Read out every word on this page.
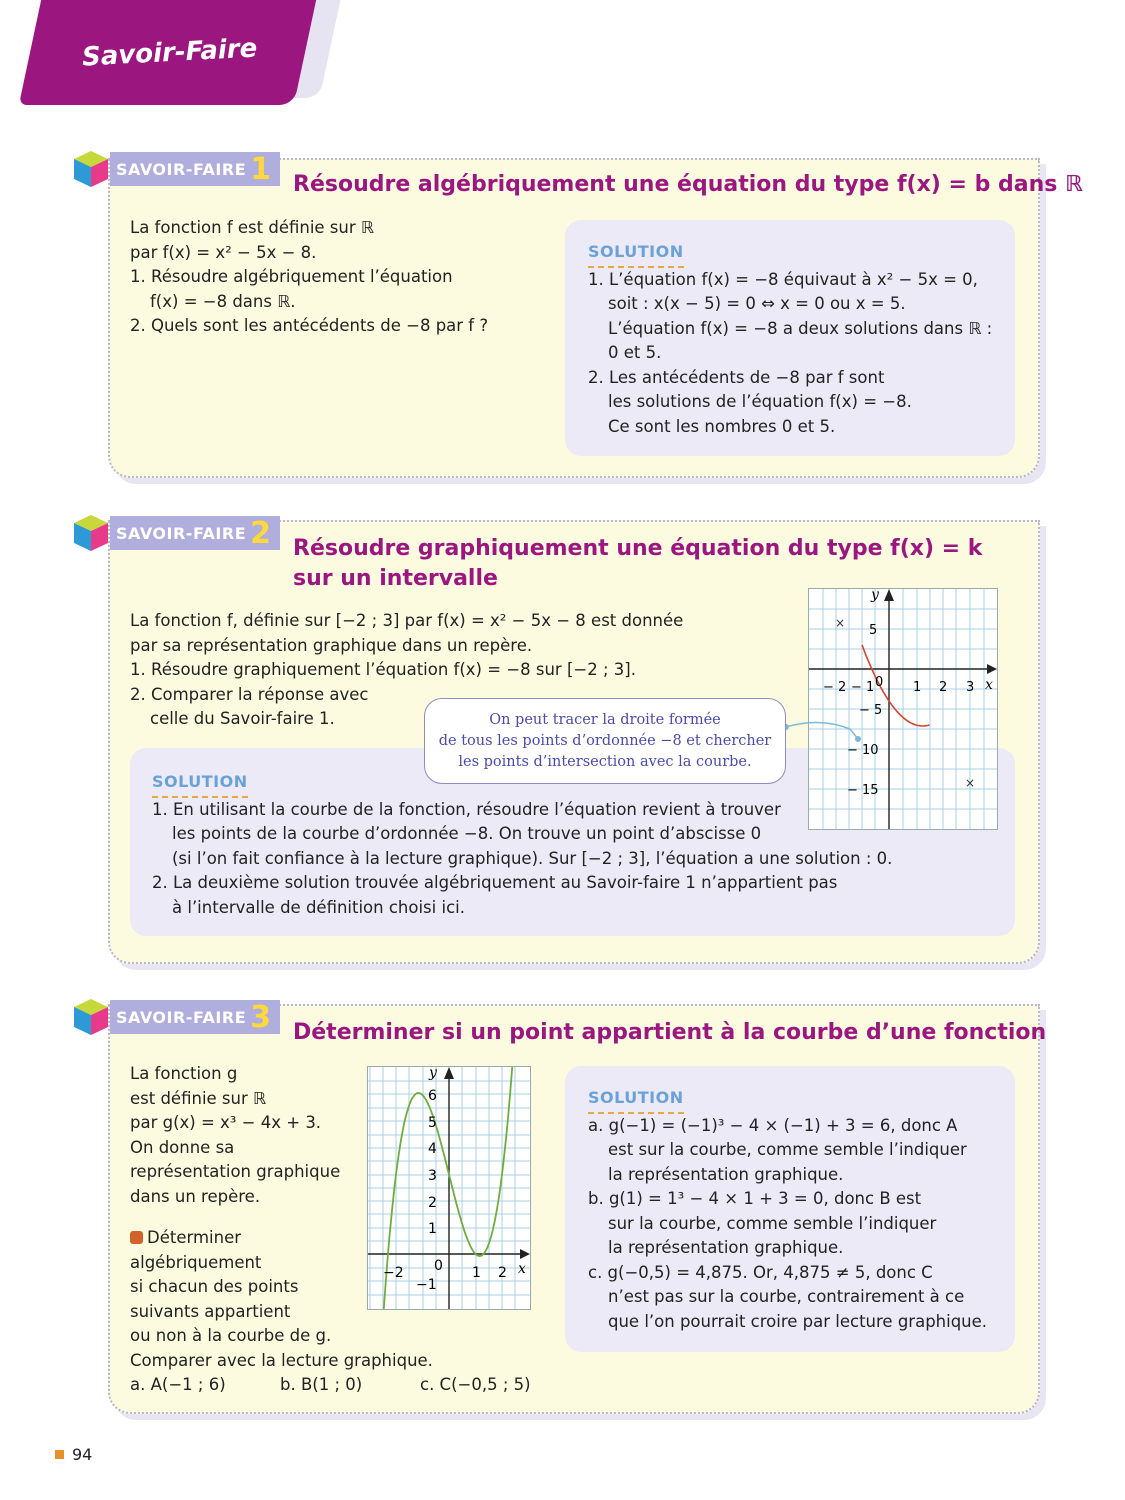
Savoir-Faire
SAVOIR-FAIRE 1 Résoudre algébriquement une équation du type f(x) = b dans ℝ
La fonction f est définie sur ℝ
par f(x) = x² − 5x − 8.
1. Résoudre algébriquement l’équation
f(x) = −8 dans ℝ.
2. Quels sont les antécédents de −8 par f ?
SOLUTION
1. L’équation f(x) = −8 équivaut à x² − 5x = 0,
soit : x(x − 5) = 0 ⇔ x = 0 ou x = 5.
L’équation f(x) = −8 a deux solutions dans ℝ :
0 et 5.
2. Les antécédents de −8 par f sont
les solutions de l’équation f(x) = −8.
Ce sont les nombres 0 et 5.
SAVOIR-FAIRE 2 Résoudre graphiquement une équation du type f(x) = k
sur un intervalle
La fonction f, définie sur [−2 ; 3] par f(x) = x² − 5x − 8 est donnée
par sa représentation graphique dans un repère.
1. Résoudre graphiquement l’équation f(x) = −8 sur [−2 ; 3].
2. Comparer la réponse avec
celle du Savoir-faire 1.
SOLUTION
1. En utilisant la courbe de la fonction, résoudre l’équation revient à trouver
les points de la courbe d’ordonnée −8. On trouve un point d’abscisse 0
(si l’on fait confiance à la lecture graphique). Sur [−2 ; 3], l’équation a une solution : 0.
2. La deuxième solution trouvée algébriquement au Savoir-faire 1 n’appartient pas
à l’intervalle de définition choisi ici.
×
×
x
y
− 2 − 1 0 1 2 3
5
− 5
− 10
− 15
On peut tracer la droite formée
de tous les points d’ordonnée −8 et chercher
les points d’intersection avec la courbe.
SAVOIR-FAIRE 3 Déterminer si un point appartient à la courbe d’une fonction
La fonction g
est définie sur ℝ
par g(x) = x³ − 4x + 3.
On donne sa
représentation graphique
dans un repère.
Déterminer
algébriquement
si chacun des points
suivants appartient
ou non à la courbe de g.
Comparer avec la lecture graphique.
a. A(−1 ; 6)	b. B(1 ; 0)	c. C(−0,5 ; 5)
x
y
−2 0 1 2
6
5
4
3
2
1
−1
SOLUTION
a. g(−1) = (−1)³ − 4 × (−1) + 3 = 6, donc A
est sur la courbe, comme semble l’indiquer
la représentation graphique.
b. g(1) = 1³ − 4 × 1 + 3 = 0, donc B est
sur la courbe, comme semble l’indiquer
la représentation graphique.
c. g(−0,5) = 4,875. Or, 4,875 ≠ 5, donc C
n’est pas sur la courbe, contrairement à ce
que l’on pourrait croire par lecture graphique.
94
